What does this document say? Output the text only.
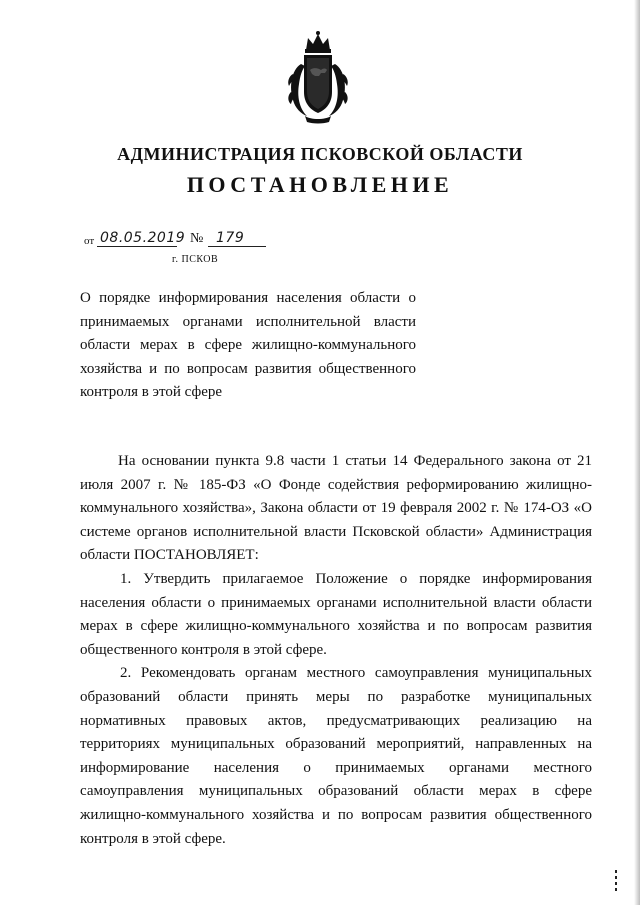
АДМИНИСТРАЦИЯ ПСКОВСКОЙ ОБЛАСТИ
ПОСТАНОВЛЕНИЕ
от 08.05.2019 № 179
г. ПСКОВ
О порядке информирования населения области о принимаемых органами исполнительной власти области мерах в сфере жилищно-коммунального хозяйства и по вопросам развития общественного контроля в этой сфере

На основании пункта 9.8 части 1 статьи 14 Федерального закона от 21 июля 2007 г. № 185-ФЗ «О Фонде содействия реформированию жилищно-коммунального хозяйства», Закона области от 19 февраля 2002 г. № 174-ОЗ «О системе органов исполнительной власти Псковской области» Администрация области ПОСТАНОВЛЯЕТ:

1. Утвердить прилагаемое Положение о порядке информирования населения области о принимаемых органами исполнительной власти области мерах в сфере жилищно-коммунального хозяйства и по вопросам развития общественного контроля в этой сфере.

2. Рекомендовать органам местного самоуправления муниципальных образований области принять меры по разработке муниципальных нормативных правовых актов, предусматривающих реализацию на территориях муниципальных образований мероприятий, направленных на информирование населения о принимаемых органами местного самоуправления муниципальных образований области мерах в сфере жилищно-коммунального хозяйства и по вопросам развития общественного контроля в этой сфере.
